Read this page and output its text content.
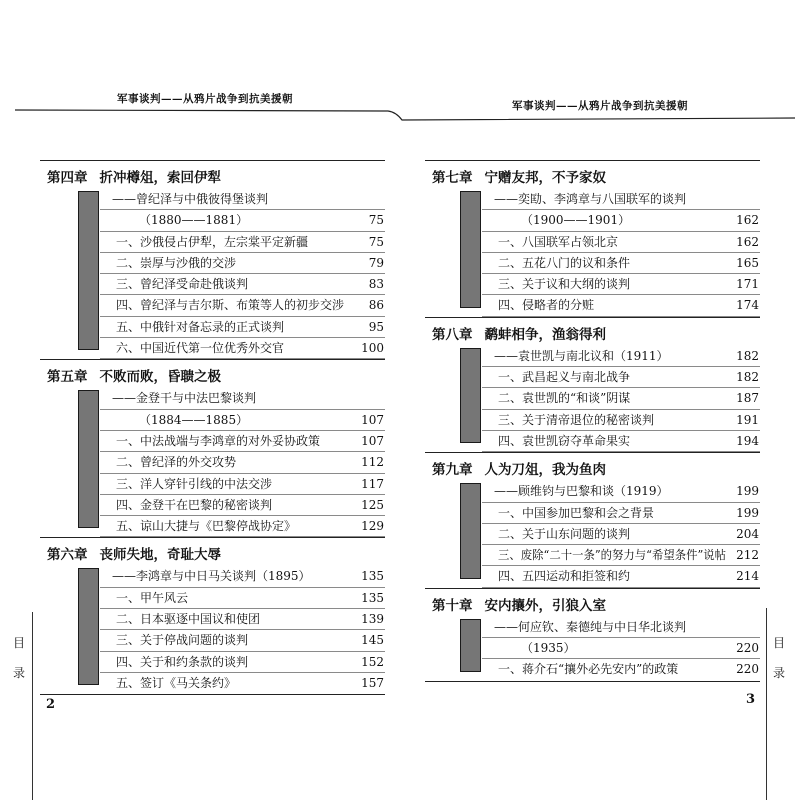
军事谈判——从鸦片战争到抗美援朝
军事谈判——从鸦片战争到抗美援朝
第四章 折冲樽俎，索回伊犁
——曾纪泽与中俄彼得堡谈判
（1880——1881）	75
一、沙俄侵占伊犁，左宗棠平定新疆	75
二、崇厚与沙俄的交涉	79
三、曾纪泽受命赴俄谈判	83
四、曾纪泽与吉尔斯、布策等人的初步交涉 86
五、中俄针对备忘录的正式谈判	95
六、中国近代第一位优秀外交官	100
第五章 不败而败，昏聩之极
——金登干与中法巴黎谈判
（1884——1885）	107
一、中法战端与李鸿章的对外妥协政策	107
二、曾纪泽的外交攻势	112
三、洋人穿针引线的中法交涉	117
四、金登干在巴黎的秘密谈判	125
五、谅山大捷与《巴黎停战协定》	129
第六章 丧师失地，奇耻大辱
——李鸿章与中日马关谈判（1895）	135
一、甲午风云	135
二、日本驱逐中国议和使团	139
三、关于停战问题的谈判	145
四、关于和约条款的谈判	152
五、签订《马关条约》	157
第七章 宁赠友邦，不予家奴
——奕劻、李鸿章与八国联军的谈判
（1900——1901）	162
一、八国联军占领北京	162
二、五花八门的议和条件	165
三、关于议和大纲的谈判	171
四、侵略者的分赃	174
第八章 鹬蚌相争，渔翁得利
——袁世凯与南北议和（1911）	182
一、武昌起义与南北战争	182
二、袁世凯的“和谈”阴谋	187
三、关于清帝退位的秘密谈判	191
四、袁世凯窃夺革命果实	194
第九章 人为刀俎，我为鱼肉
——顾维钧与巴黎和谈（1919）	199
一、中国参加巴黎和会之背景	199
二、关于山东问题的谈判	204
三、废除“二十一条”的努力与“希望条件”说帖 212
四、五四运动和拒签和约	214
第十章 安内攘外，引狼入室
——何应钦、秦德纯与中日华北谈判
（1935）	220
一、蒋介石“攘外必先安内”的政策	220
目
录
目
录
2	3
